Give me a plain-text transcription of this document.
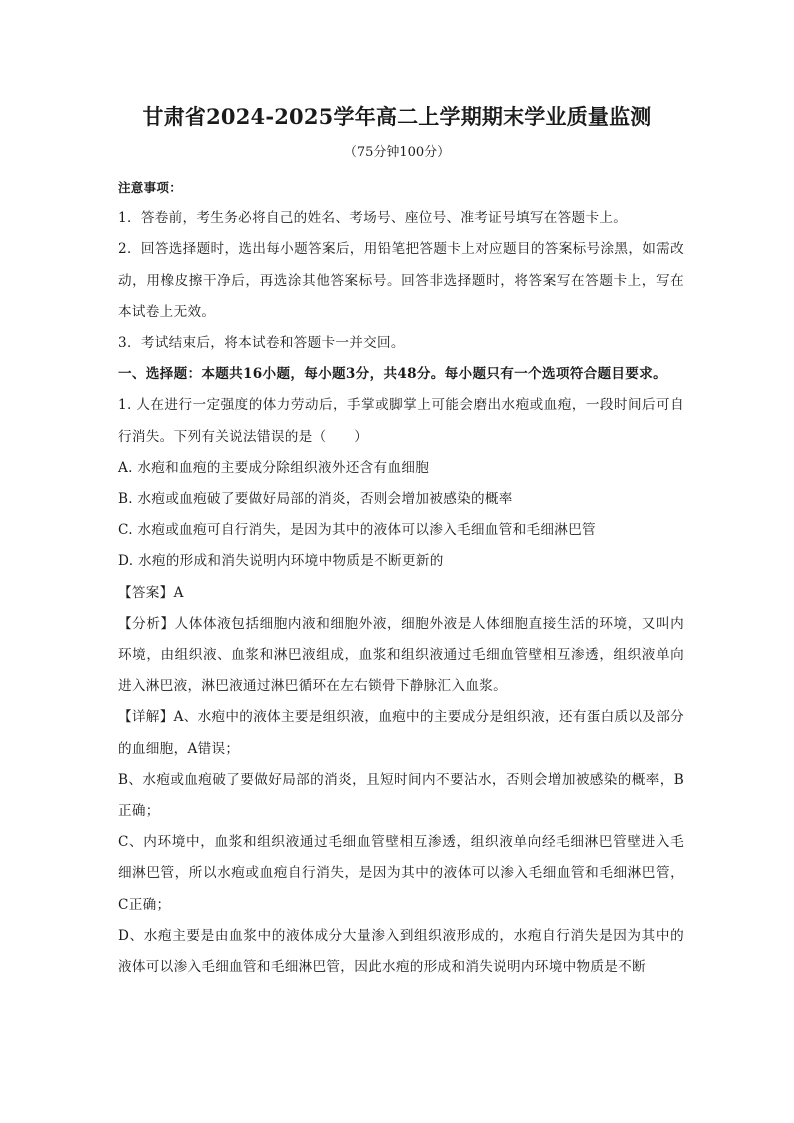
甘肃省2024-2025学年高二上学期期末学业质量监测
（75分钟100分）

注意事项：

1．答卷前，考生务必将自己的姓名、考场号、座位号、准考证号填写在答题卡上。

2．回答选择题时，选出每小题答案后，用铅笔把答题卡上对应题目的答案标号涂黑，如需改动，用橡皮擦干净后，再选涂其他答案标号。回答非选择题时，将答案写在答题卡上，写在本试卷上无效。

3．考试结束后，将本试卷和答题卡一并交回。

一、选择题：本题共16小题，每小题3分，共48分。每小题只有一个选项符合题目要求。

1. 人在进行一定强度的体力劳动后，手掌或脚掌上可能会磨出水疱或血疱，一段时间后可自行消失。下列有关说法错误的是（　　）

A. 水疱和血疱的主要成分除组织液外还含有血细胞

B. 水疱或血疱破了要做好局部的消炎，否则会增加被感染的概率

C. 水疱或血疱可自行消失，是因为其中的液体可以渗入毛细血管和毛细淋巴管

D. 水疱的形成和消失说明内环境中物质是不断更新的

【答案】A

【分析】人体体液包括细胞内液和细胞外液，细胞外液是人体细胞直接生活的环境，又叫内环境，由组织液、血浆和淋巴液组成，血浆和组织液通过毛细血管壁相互渗透，组织液单向进入淋巴液，淋巴液通过淋巴循环在左右锁骨下静脉汇入血浆。

【详解】A、水疱中的液体主要是组织液，血疱中的主要成分是组织液，还有蛋白质以及部分的血细胞，A错误；

B、水疱或血疱破了要做好局部的消炎，且短时间内不要沾水，否则会增加被感染的概率，B正确；

C、内环境中，血浆和组织液通过毛细血管壁相互渗透，组织液单向经毛细淋巴管壁进入毛细淋巴管，所以水疱或血疱自行消失，是因为其中的液体可以渗入毛细血管和毛细淋巴管，C正确；

D、水疱主要是由血浆中的液体成分大量渗入到组织液形成的，水疱自行消失是因为其中的液体可以渗入毛细血管和毛细淋巴管，因此水疱的形成和消失说明内环境中物质是不断
